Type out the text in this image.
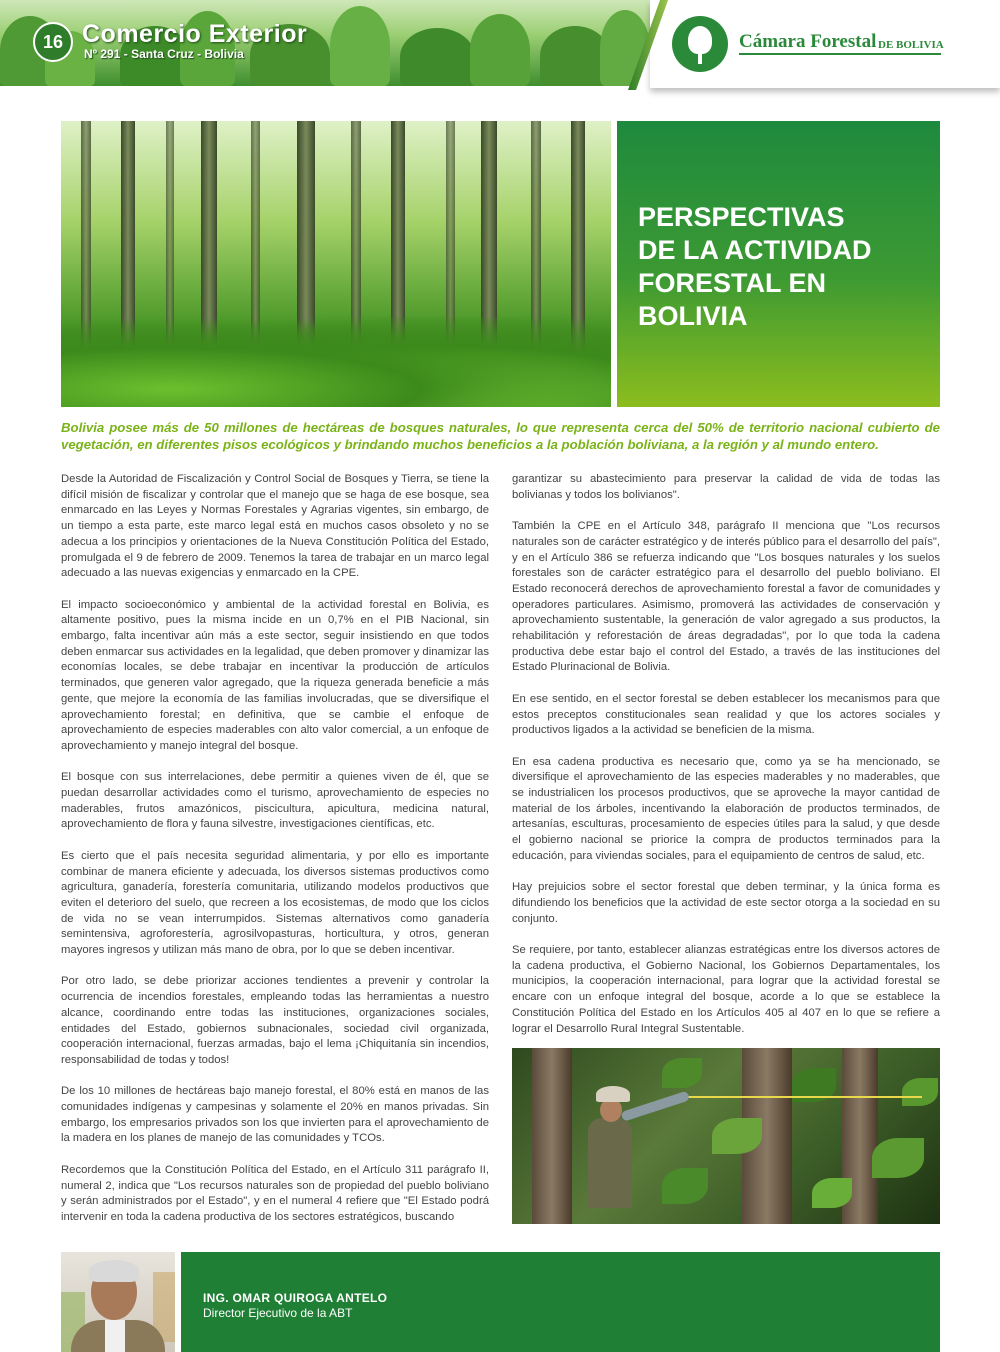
16 Comercio Exterior
Nº 291 - Santa Cruz - Bolivia
Cámara Forestal DE BOLIVIA
PERSPECTIVAS
DE LA ACTIVIDAD
FORESTAL EN
BOLIVIA
Bolivia posee más de 50 millones de hectáreas de bosques naturales, lo que representa cerca del 50% de territorio nacional cubierto de vegetación, en diferentes pisos ecológicos y brindando muchos beneficios a la población boliviana, a la región y al mundo entero.

Desde la Autoridad de Fiscalización y Control Social de Bosques y Tierra, se tiene la difícil misión de fiscalizar y controlar que el manejo que se haga de ese bosque, sea enmarcado en las Leyes y Normas Forestales y Agrarias vigentes, sin embargo, de un tiempo a esta parte, este marco legal está en muchos casos obsoleto y no se adecua a los principios y orientaciones de la Nueva Constitución Política del Estado, promulgada el 9 de febrero de 2009. Tenemos la tarea de trabajar en un marco legal adecuado a las nuevas exigencias y enmarcado en la CPE.

El impacto socioeconómico y ambiental de la actividad forestal en Bolivia, es altamente positivo, pues la misma incide en un 0,7% en el PIB Nacional, sin embargo, falta incentivar aún más a este sector, seguir insistiendo en que todos deben enmarcar sus actividades en la legalidad, que deben promover y dinamizar las economías locales, se debe trabajar en incentivar la producción de artículos terminados, que generen valor agregado, que la riqueza generada beneficie a más gente, que mejore la economía de las familias involucradas, que se diversifique el aprovechamiento forestal; en definitiva, que se cambie el enfoque de aprovechamiento de especies maderables con alto valor comercial, a un enfoque de aprovechamiento y manejo integral del bosque.

El bosque con sus interrelaciones, debe permitir a quienes viven de él, que se puedan desarrollar actividades como el turismo, aprovechamiento de especies no maderables, frutos amazónicos, piscicultura, apicultura, medicina natural, aprovechamiento de flora y fauna silvestre, investigaciones científicas, etc.

Es cierto que el país necesita seguridad alimentaria, y por ello es importante combinar de manera eficiente y adecuada, los diversos sistemas productivos como agricultura, ganadería, forestería comunitaria, utilizando modelos productivos que eviten el deterioro del suelo, que recreen a los ecosistemas, de modo que los ciclos de vida no se vean interrumpidos. Sistemas alternativos como ganadería semintensiva, agroforestería, agrosilvopasturas, horticultura, y otros, generan mayores ingresos y utilizan más mano de obra, por lo que se deben incentivar.

Por otro lado, se debe priorizar acciones tendientes a prevenir y controlar la ocurrencia de incendios forestales, empleando todas las herramientas a nuestro alcance, coordinando entre todas las instituciones, organizaciones sociales, entidades del Estado, gobiernos subnacionales, sociedad civil organizada, cooperación internacional, fuerzas armadas, bajo el lema ¡Chiquitanía sin incendios, responsabilidad de todas y todos!

De los 10 millones de hectáreas bajo manejo forestal, el 80% está en manos de las comunidades indígenas y campesinas y solamente el 20% en manos privadas. Sin embargo, los empresarios privados son los que invierten para el aprovechamiento de la madera en los planes de manejo de las comunidades y TCOs.

Recordemos que la Constitución Política del Estado, en el Artículo 311 parágrafo II, numeral 2, indica que "Los recursos naturales son de propiedad del pueblo boliviano y serán administrados por el Estado", y en el numeral 4 refiere que "El Estado podrá intervenir en toda la cadena productiva de los sectores estratégicos, buscando

garantizar su abastecimiento para preservar la calidad de vida de todas las bolivianas y todos los bolivianos".

También la CPE en el Artículo 348, parágrafo II menciona que "Los recursos naturales son de carácter estratégico y de interés público para el desarrollo del país", y en el Artículo 386 se refuerza indicando que "Los bosques naturales y los suelos forestales son de carácter estratégico para el desarrollo del pueblo boliviano. El Estado reconocerá derechos de aprovechamiento forestal a favor de comunidades y operadores particulares. Asimismo, promoverá las actividades de conservación y aprovechamiento sustentable, la generación de valor agregado a sus productos, la rehabilitación y reforestación de áreas degradadas", por lo que toda la cadena productiva debe estar bajo el control del Estado, a través de las instituciones del Estado Plurinacional de Bolivia.

En ese sentido, en el sector forestal se deben establecer los mecanismos para que estos preceptos constitucionales sean realidad y que los actores sociales y productivos ligados a la actividad se beneficien de la misma.

En esa cadena productiva es necesario que, como ya se ha mencionado, se diversifique el aprovechamiento de las especies maderables y no maderables, que se industrialicen los procesos productivos, que se aproveche la mayor cantidad de material de los árboles, incentivando la elaboración de productos terminados, de artesanías, esculturas, procesamiento de especies útiles para la salud, y que desde el gobierno nacional se priorice la compra de productos terminados para la educación, para viviendas sociales, para el equipamiento de centros de salud, etc.

Hay prejuicios sobre el sector forestal que deben terminar, y la única forma es difundiendo los beneficios que la actividad de este sector otorga a la sociedad en su conjunto.

Se requiere, por tanto, establecer alianzas estratégicas entre los diversos actores de la cadena productiva, el Gobierno Nacional, los Gobiernos Departamentales, los municipios, la cooperación internacional, para lograr que la actividad forestal se encare con un enfoque integral del bosque, acorde a lo que se establece la Constitución Política del Estado en los Artículos 405 al 407 en lo que se refiere a lograr el Desarrollo Rural Integral Sustentable.

ING. OMAR QUIROGA ANTELO
Director Ejecutivo de la ABT
